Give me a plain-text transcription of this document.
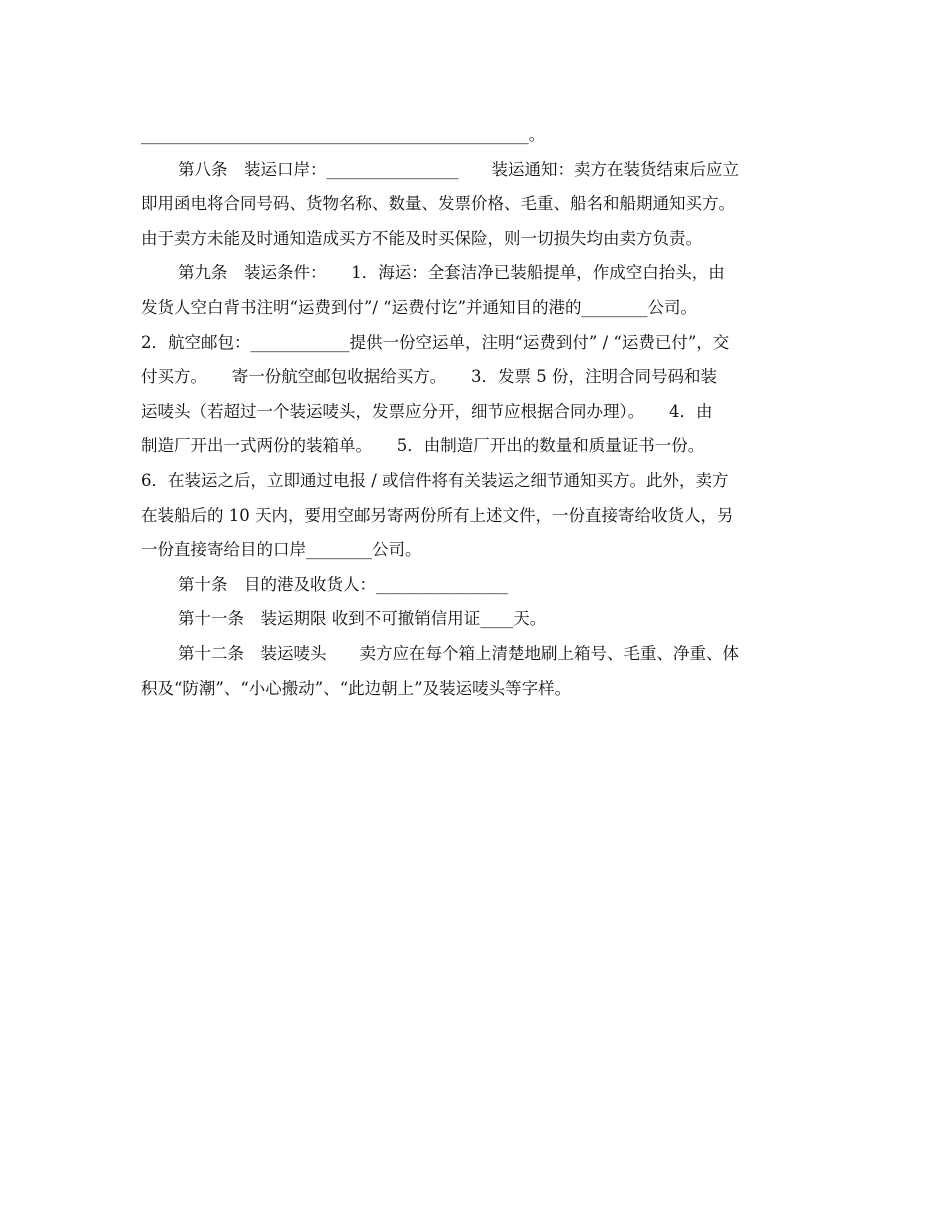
_______________________________________________。
第八条　装运口岸：________________　　装运通知：卖方在装货结束后应立
即用函电将合同号码、货物名称、数量、发票价格、毛重、船名和船期通知买方。
由于卖方未能及时通知造成买方不能及时买保险，则一切损失均由卖方负责。
第九条　装运条件：　　1．海运：全套洁净已装船提单，作成空白抬头，由
发货人空白背书注明“运费到付”/ “运费付讫”并通知目的港的________公司。
2．航空邮包：____________提供一份空运单，注明“运费到付” / “运费已付”，交
付买方。　　寄一份航空邮包收据给买方。　　3．发票 5 份，注明合同号码和装
运唛头（若超过一个装运唛头，发票应分开，细节应根据合同办理）。　　4．由
制造厂开出一式两份的装箱单。　　5．由制造厂开出的数量和质量证书一份。
6．在装运之后，立即通过电报 / 或信件将有关装运之细节通知买方。此外，卖方
在装船后的 10 天内，要用空邮另寄两份所有上述文件，一份直接寄给收货人，另
一份直接寄给目的口岸________公司。
第十条　目的港及收货人：________________
第十一条　装运期限 收到不可撤销信用证____天。
第十二条　装运唛头　　卖方应在每个箱上清楚地刷上箱号、毛重、净重、体
积及“防潮”、“小心搬动”、“此边朝上”及装运唛头等字样。
